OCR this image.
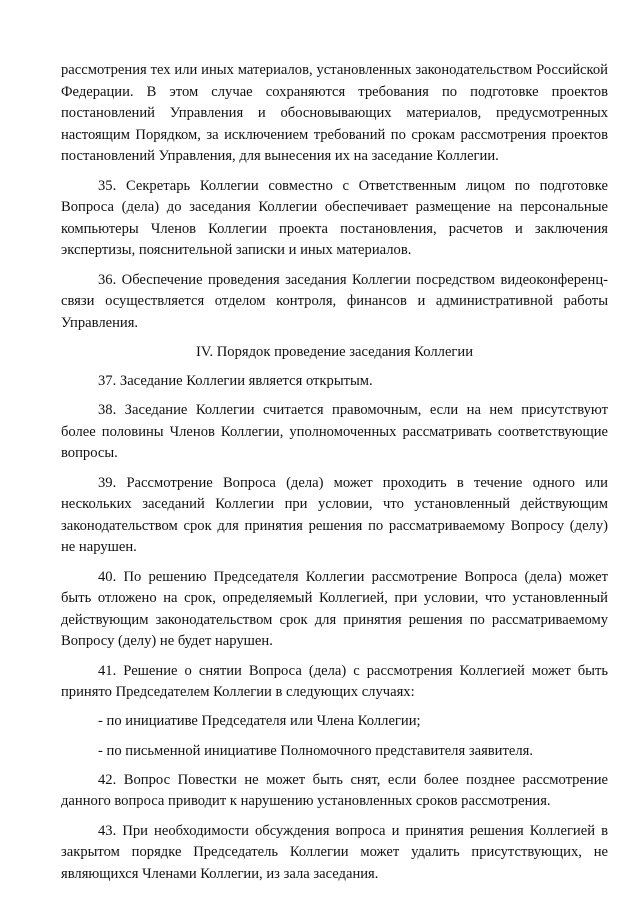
рассмотрения тех или иных материалов, установленных законодательством Российской Федерации. В этом случае сохраняются требования по подготовке проектов постановлений Управления и обосновывающих материалов, предусмотренных настоящим Порядком, за исключением требований по срокам рассмотрения проектов постановлений Управления, для вынесения их на заседание Коллегии.

35. Секретарь Коллегии совместно с Ответственным лицом по подготовке Вопроса (дела) до заседания Коллегии обеспечивает размещение на персональные компьютеры Членов Коллегии проекта постановления, расчетов и заключения экспертизы, пояснительной записки и иных материалов.

36. Обеспечение проведения заседания Коллегии посредством видеоконференц-связи осуществляется отделом контроля, финансов и административной работы Управления.

IV. Порядок проведение заседания Коллегии

37. Заседание Коллегии является открытым.

38. Заседание Коллегии считается правомочным, если на нем присутствуют более половины Членов Коллегии, уполномоченных рассматривать соответствующие вопросы.

39. Рассмотрение Вопроса (дела) может проходить в течение одного или нескольких заседаний Коллегии при условии, что установленный действующим законодательством срок для принятия решения по рассматриваемому Вопросу (делу) не нарушен.

40. По решению Председателя Коллегии рассмотрение Вопроса (дела) может быть отложено на срок, определяемый Коллегией, при условии, что установленный действующим законодательством срок для принятия решения по рассматриваемому Вопросу (делу) не будет нарушен.

41. Решение о снятии Вопроса (дела) с рассмотрения Коллегией может быть принято Председателем Коллегии в следующих случаях:

- по инициативе Председателя или Члена Коллегии;

- по письменной инициативе Полномочного представителя заявителя.

42. Вопрос Повестки не может быть снят, если более позднее рассмотрение данного вопроса приводит к нарушению установленных сроков рассмотрения.

43. При необходимости обсуждения вопроса и принятия решения Коллегией в закрытом порядке Председатель Коллегии может удалить присутствующих, не являющихся Членами Коллегии, из зала заседания.
